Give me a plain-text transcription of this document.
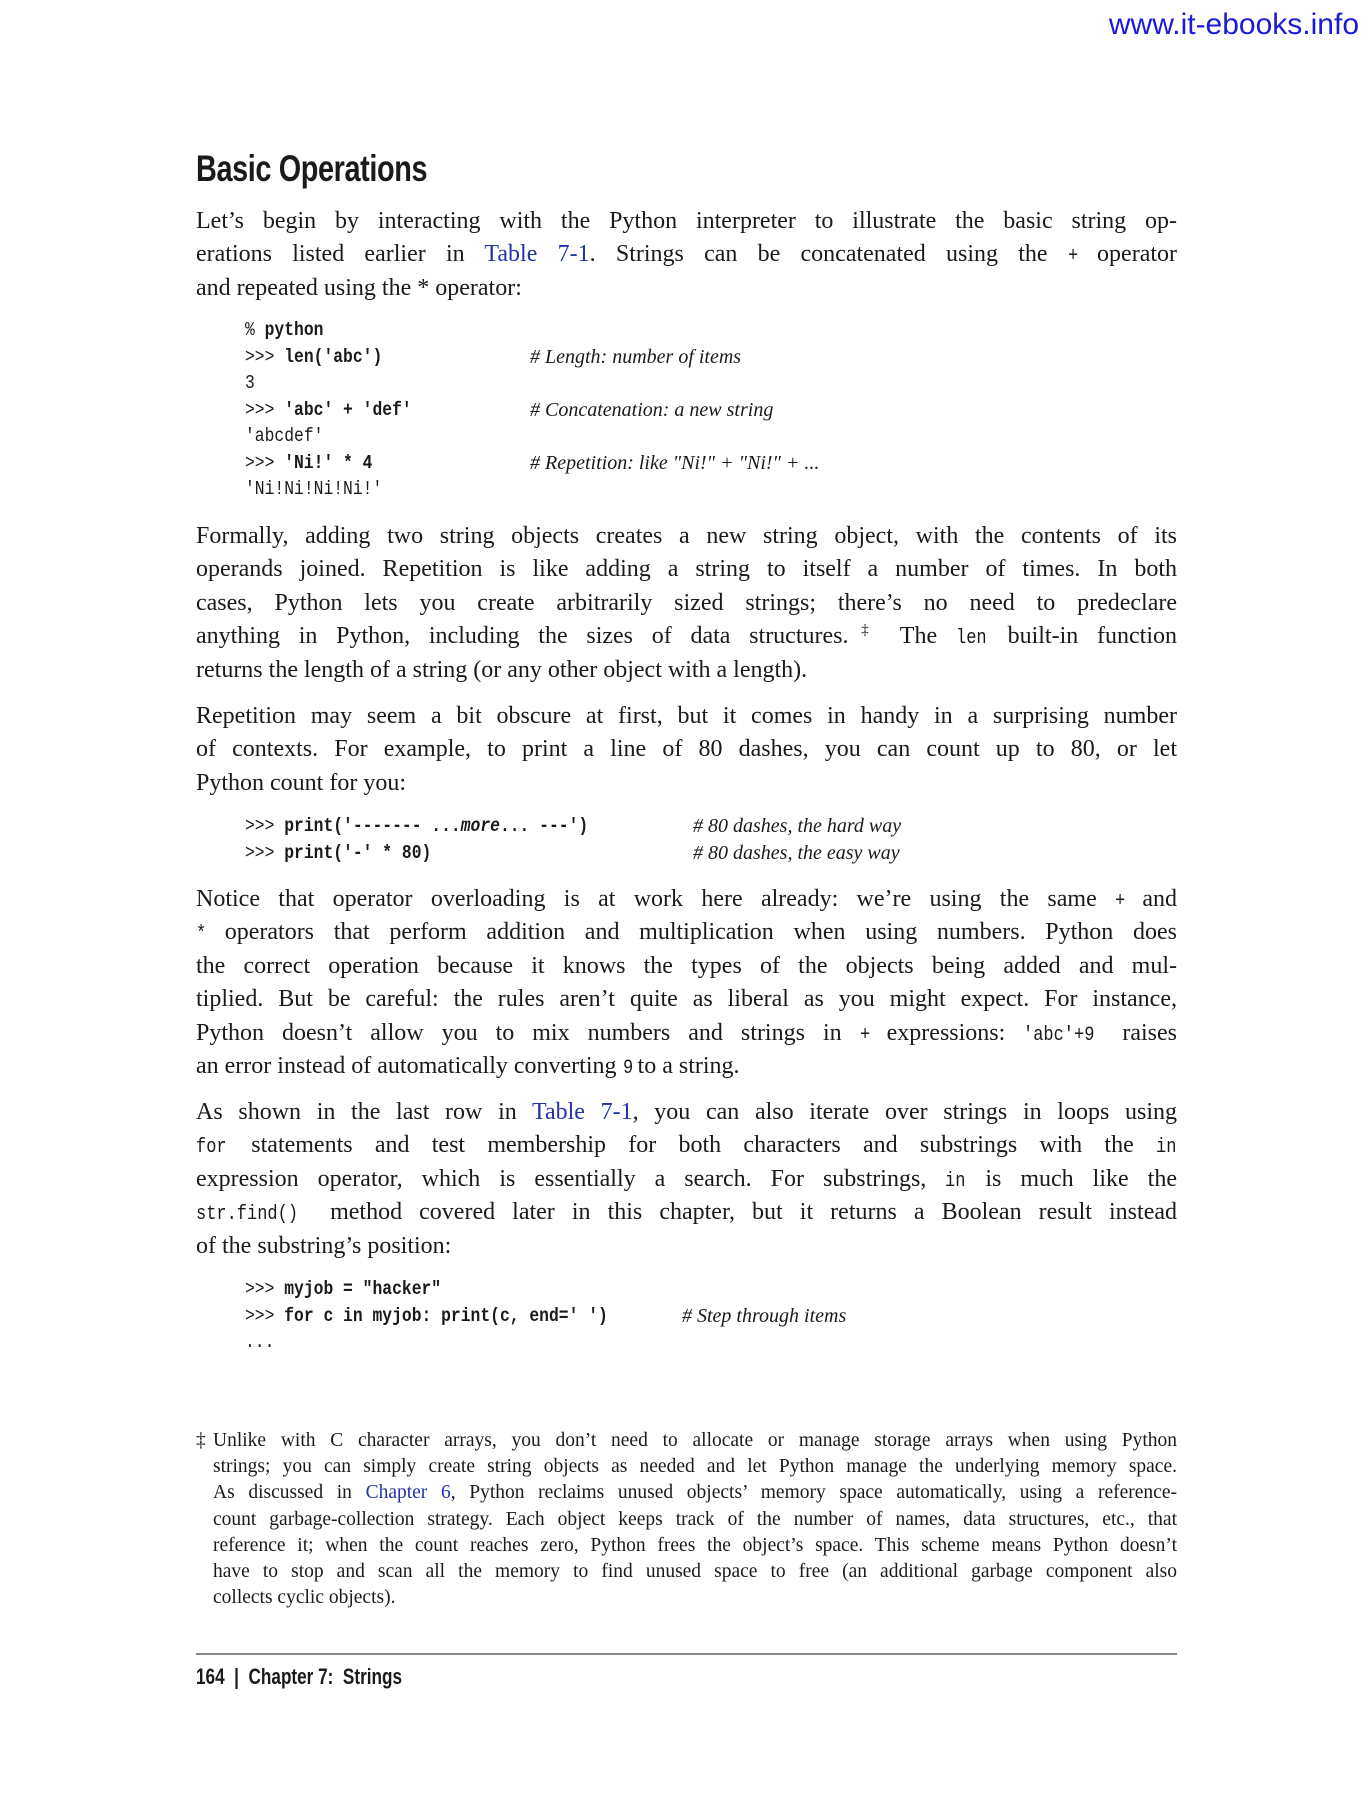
www.it-ebooks.info
Basic Operations
Let’s begin by interacting with the Python interpreter to illustrate the basic string op-
erations listed earlier in Table 7-1. Strings can be concatenated using the + operator
and repeated using the * operator:
% python
>>> len('abc')	# Length: number of items
3
>>> 'abc' + 'def'	# Concatenation: a new string
'abcdef'
>>> 'Ni!' * 4	# Repetition: like "Ni!" + "Ni!" + ...
'Ni!Ni!Ni!Ni!'
Formally, adding two string objects creates a new string object, with the contents of its
operands joined. Repetition is like adding a string to itself a number of times. In both
cases, Python lets you create arbitrarily sized strings; there’s no need to predeclare
anything in Python, including the sizes of data structures.‡ The len built-in function
returns the length of a string (or any other object with a length).
Repetition may seem a bit obscure at first, but it comes in handy in a surprising number
of contexts. For example, to print a line of 80 dashes, you can count up to 80, or let
Python count for you:
>>> print('------- ...more... ---')	# 80 dashes, the hard way
>>> print('-' * 80)	# 80 dashes, the easy way
Notice that operator overloading is at work here already: we’re using the same + and
* operators that perform addition and multiplication when using numbers. Python does
the correct operation because it knows the types of the objects being added and mul-
tiplied. But be careful: the rules aren’t quite as liberal as you might expect. For instance,
Python doesn’t allow you to mix numbers and strings in + expressions: 'abc'+9 raises
an error instead of automatically converting 9 to a string.
As shown in the last row in Table 7-1, you can also iterate over strings in loops using
for statements and test membership for both characters and substrings with the in
expression operator, which is essentially a search. For substrings, in is much like the
str.find() method covered later in this chapter, but it returns a Boolean result instead
of the substring’s position:
>>> myjob = "hacker"
>>> for c in myjob: print(c, end=' ')	# Step through items
...
‡ Unlike with C character arrays, you don’t need to allocate or manage storage arrays when using Python
strings; you can simply create string objects as needed and let Python manage the underlying memory space.
As discussed in Chapter 6, Python reclaims unused objects’ memory space automatically, using a reference-
count garbage-collection strategy. Each object keeps track of the number of names, data structures, etc., that
reference it; when the count reaches zero, Python frees the object’s space. This scheme means Python doesn’t
have to stop and scan all the memory to find unused space to free (an additional garbage component also
collects cyclic objects).
164 | Chapter 7:  Strings
